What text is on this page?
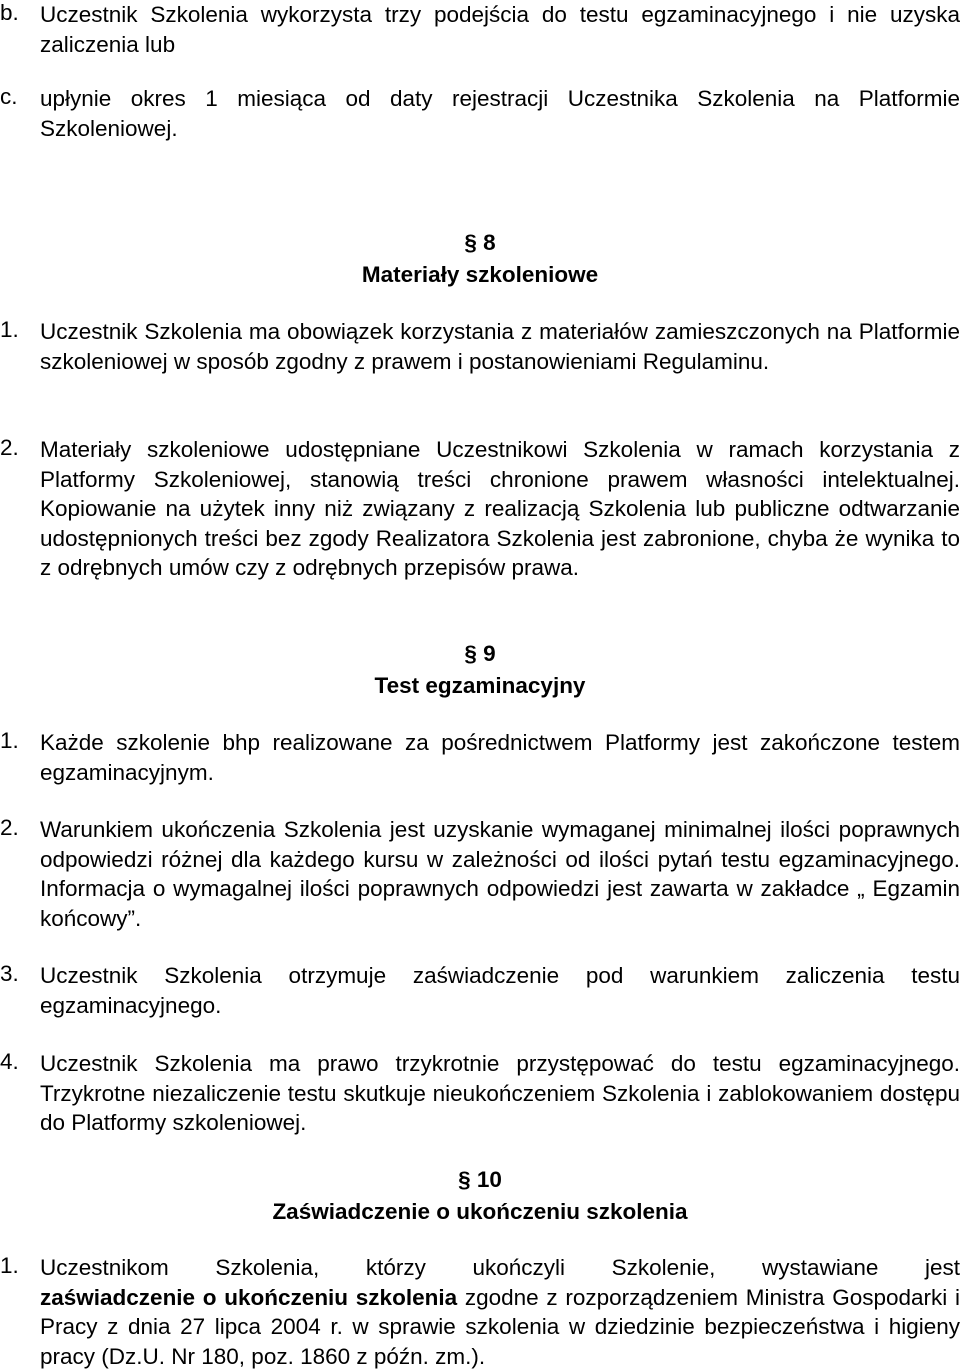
b. Uczestnik Szkolenia wykorzysta trzy podejścia do testu egzaminacyjnego i nie uzyska zaliczenia lub
c. upłynie okres 1 miesiąca od daty rejestracji Uczestnika Szkolenia na Platformie Szkoleniowej.
§ 8
Materiały szkoleniowe
1. Uczestnik Szkolenia ma obowiązek korzystania z materiałów zamieszczonych na Platformie szkoleniowej w sposób zgodny z prawem i postanowieniami Regulaminu.
2. Materiały szkoleniowe udostępniane Uczestnikowi Szkolenia w ramach korzystania z Platformy Szkoleniowej, stanowią treści chronione prawem własności intelektualnej. Kopiowanie na użytek inny niż związany z realizacją Szkolenia lub publiczne odtwarzanie udostępnionych treści bez zgody Realizatora Szkolenia jest zabronione, chyba że wynika to z odrębnych umów czy z odrębnych przepisów prawa.
§ 9
Test egzaminacyjny
1. Każde szkolenie bhp realizowane za pośrednictwem Platformy jest zakończone testem egzaminacyjnym.
2. Warunkiem ukończenia Szkolenia jest uzyskanie wymaganej minimalnej ilości poprawnych odpowiedzi różnej dla każdego kursu w zależności od ilości pytań testu egzaminacyjnego. Informacja o wymagalnej ilości poprawnych odpowiedzi jest zawarta w zakładce „ Egzamin końcowy”.
3. Uczestnik Szkolenia otrzymuje zaświadczenie pod warunkiem zaliczenia testu egzaminacyjnego.
4. Uczestnik Szkolenia ma prawo trzykrotnie przystępować do testu egzaminacyjnego. Trzykrotne niezaliczenie testu skutkuje nieukończeniem Szkolenia i zablokowaniem dostępu do Platformy szkoleniowej.
§ 10
Zaświadczenie o ukończeniu szkolenia
1. Uczestnikom Szkolenia, którzy ukończyli Szkolenie, wystawiane jest
zaświadczenie o ukończeniu szkolenia zgodne z rozporządzeniem Ministra Gospodarki i Pracy z dnia 27 lipca 2004 r. w sprawie szkolenia w dziedzinie bezpieczeństwa i higieny pracy (Dz.U. Nr 180, poz. 1860 z późn. zm.).
